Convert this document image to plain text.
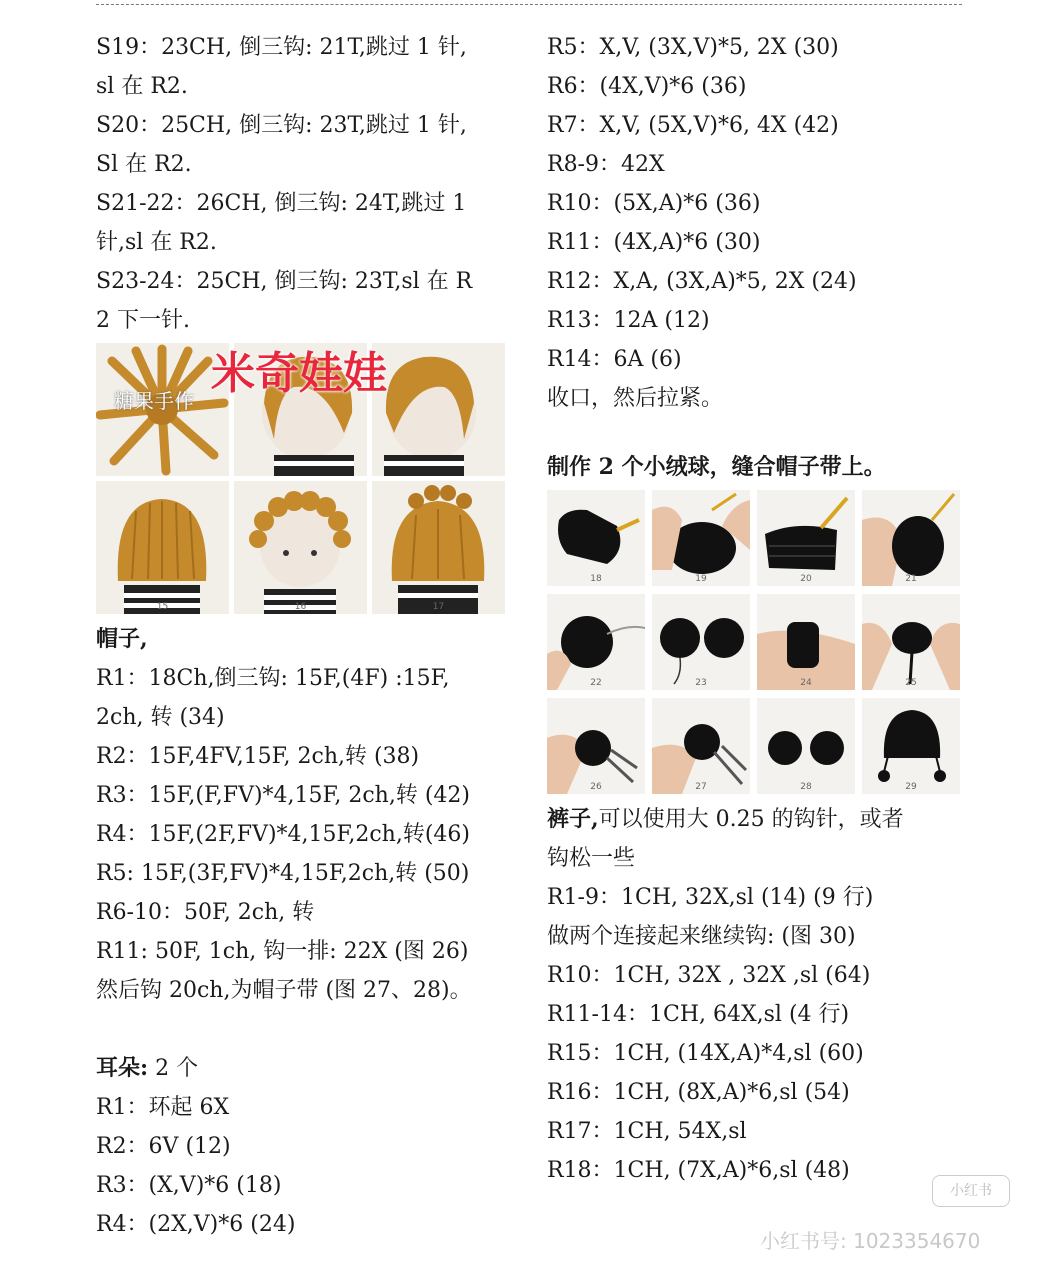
S19：23CH, 倒三钩: 21T,跳过 1 针,
sl 在 R2.
S20：25CH, 倒三钩: 23T,跳过 1 针,
Sl 在 R2.
S21-22：26CH, 倒三钩: 24T,跳过 1
针,sl 在 R2.
S23-24：25CH, 倒三钩: 23T,sl 在 R
2 下一针.
15	16	17
米奇娃娃
糖果手作
帽子,
R1：18Ch,倒三钩: 15F,(4F) :15F,
2ch, 转 (34)
R2：15F,4FV,15F, 2ch,转 (38)
R3：15F,(F,FV)*4,15F, 2ch,转 (42)
R4：15F,(2F,FV)*4,15F,2ch,转(46)
R5: 15F,(3F,FV)*4,15F,2ch,转 (50)
R6-10：50F, 2ch, 转
R11: 50F, 1ch, 钩一排: 22X (图 26)
然后钩 20ch,为帽子带 (图 27、28)。
耳朵: 2 个
R1：环起 6X
R2：6V (12)
R3：(X,V)*6 (18)
R4：(2X,V)*6 (24)
R5：X,V, (3X,V)*5, 2X (30)
R6：(4X,V)*6 (36)
R7：X,V, (5X,V)*6, 4X (42)
R8-9：42X
R10：(5X,A)*6 (36)
R11：(4X,A)*6 (30)
R12：X,A, (3X,A)*5, 2X (24)
R13：12A (12)
R14：6A (6)
收口，然后拉紧。
制作 2 个小绒球，缝合帽子带上。
18	19	20	21
22	23	24	25
26	27	28	29
裤子,可以使用大 0.25 的钩针，或者
钩松一些
R1-9：1CH, 32X,sl (14) (9 行)
做两个连接起来继续钩: (图 30)
R10：1CH, 32X , 32X ,sl (64)
R11-14：1CH, 64X,sl (4 行)
R15：1CH, (14X,A)*4,sl (60)
R16：1CH, (8X,A)*6,sl (54)
R17：1CH, 54X,sl
R18：1CH, (7X,A)*6,sl (48)
小红书
小红书号: 1023354670
